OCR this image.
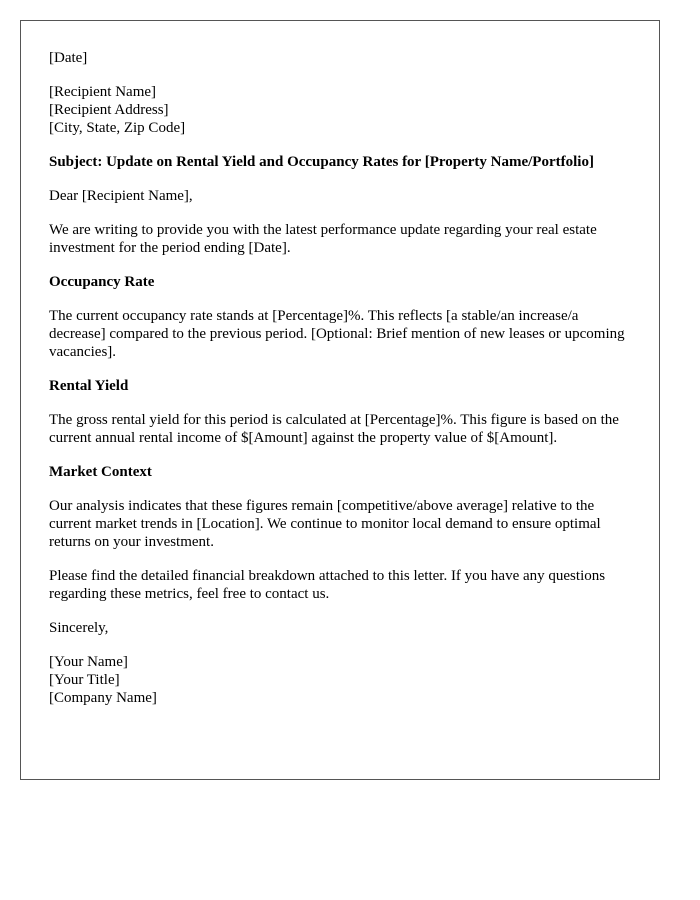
[Date]
[Recipient Name]
[Recipient Address]
[City, State, Zip Code]
Subject: Update on Rental Yield and Occupancy Rates for [Property Name/Portfolio]

Dear [Recipient Name],

We are writing to provide you with the latest performance update regarding your real estate investment for the period ending [Date].

Occupancy Rate

The current occupancy rate stands at [Percentage]%. This reflects [a stable/an increase/a decrease] compared to the previous period. [Optional: Brief mention of new leases or upcoming vacancies].

Rental Yield

The gross rental yield for this period is calculated at [Percentage]%. This figure is based on the current annual rental income of $[Amount] against the property value of $[Amount].

Market Context

Our analysis indicates that these figures remain [competitive/above average] relative to the current market trends in [Location]. We continue to monitor local demand to ensure optimal returns on your investment.

Please find the detailed financial breakdown attached to this letter. If you have any questions regarding these metrics, feel free to contact us.

Sincerely,

[Your Name]
[Your Title]
[Company Name]
